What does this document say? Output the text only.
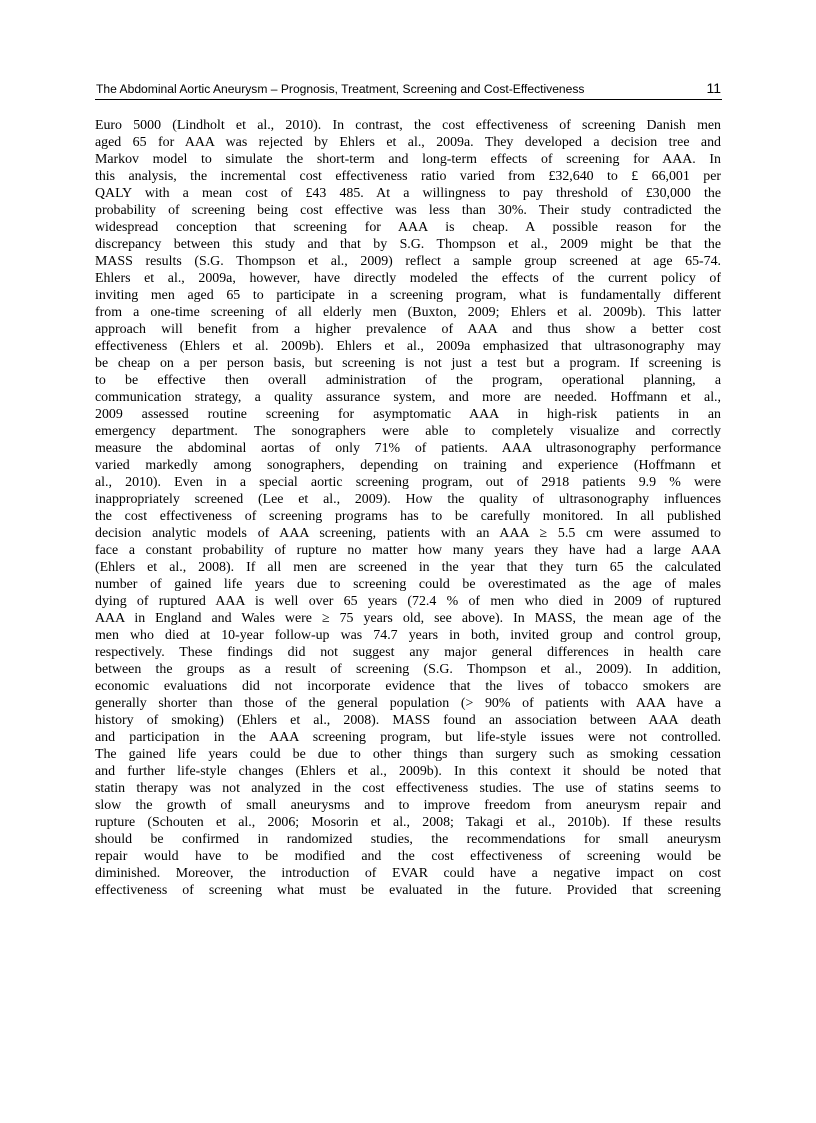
The Abdominal Aortic Aneurysm – Prognosis, Treatment, Screening and Cost-Effectiveness	11
Euro 5000 (Lindholt et al., 2010). In contrast, the cost effectiveness of screening Danish men
aged 65 for AAA was rejected by Ehlers et al., 2009a. They developed a decision tree and
Markov model to simulate the short-term and long-term effects of screening for AAA. In
this analysis, the incremental cost effectiveness ratio varied from £32,640 to £ 66,001 per
QALY with a mean cost of £43 485. At a willingness to pay threshold of £30,000 the
probability of screening being cost effective was less than 30%. Their study contradicted the
widespread conception that screening for AAA is cheap. A possible reason for the
discrepancy between this study and that by S.G. Thompson et al., 2009 might be that the
MASS results (S.G. Thompson et al., 2009) reflect a sample group screened at age 65-74.
Ehlers et al., 2009a, however, have directly modeled the effects of the current policy of
inviting men aged 65 to participate in a screening program, what is fundamentally different
from a one-time screening of all elderly men (Buxton, 2009; Ehlers et al. 2009b). This latter
approach will benefit from a higher prevalence of AAA and thus show a better cost
effectiveness (Ehlers et al. 2009b). Ehlers et al., 2009a emphasized that ultrasonography may
be cheap on a per person basis, but screening is not just a test but a program. If screening is
to be effective then overall administration of the program, operational planning, a
communication strategy, a quality assurance system, and more are needed. Hoffmann et al.,
2009 assessed routine screening for asymptomatic AAA in high-risk patients in an
emergency department. The sonographers were able to completely visualize and correctly
measure the abdominal aortas of only 71% of patients. AAA ultrasonography performance
varied markedly among sonographers, depending on training and experience (Hoffmann et
al., 2010). Even in a special aortic screening program, out of 2918 patients 9.9 % were
inappropriately screened (Lee et al., 2009). How the quality of ultrasonography influences
the cost effectiveness of screening programs has to be carefully monitored. In all published
decision analytic models of AAA screening, patients with an AAA ≥ 5.5 cm were assumed to
face a constant probability of rupture no matter how many years they have had a large AAA
(Ehlers et al., 2008). If all men are screened in the year that they turn 65 the calculated
number of gained life years due to screening could be overestimated as the age of males
dying of ruptured AAA is well over 65 years (72.4 % of men who died in 2009 of ruptured
AAA in England and Wales were ≥ 75 years old, see above). In MASS, the mean age of the
men who died at 10-year follow-up was 74.7 years in both, invited group and control group,
respectively. These findings did not suggest any major general differences in health care
between the groups as a result of screening (S.G. Thompson et al., 2009). In addition,
economic evaluations did not incorporate evidence that the lives of tobacco smokers are
generally shorter than those of the general population (> 90% of patients with AAA have a
history of smoking) (Ehlers et al., 2008). MASS found an association between AAA death
and participation in the AAA screening program, but life-style issues were not controlled.
The gained life years could be due to other things than surgery such as smoking cessation
and further life-style changes (Ehlers et al., 2009b). In this context it should be noted that
statin therapy was not analyzed in the cost effectiveness studies. The use of statins seems to
slow the growth of small aneurysms and to improve freedom from aneurysm repair and
rupture (Schouten et al., 2006; Mosorin et al., 2008; Takagi et al., 2010b). If these results
should be confirmed in randomized studies, the recommendations for small aneurysm
repair would have to be modified and the cost effectiveness of screening would be
diminished. Moreover, the introduction of EVAR could have a negative impact on cost
effectiveness of screening what must be evaluated in the future. Provided that screening
